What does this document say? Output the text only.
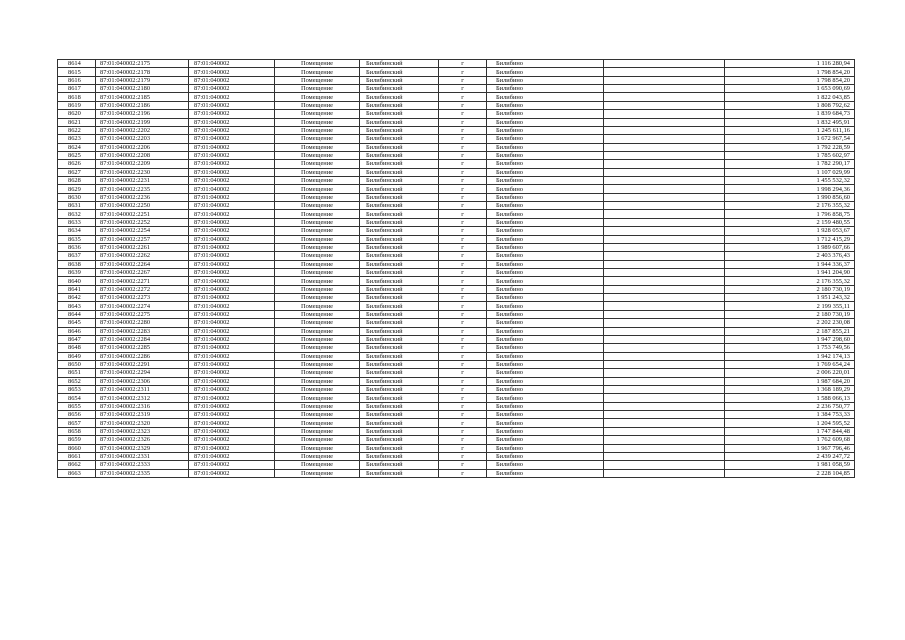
8614	87:01:040002:2175	87:01:040002	Помещение	Билибинский	г	Билибино		1 116 280,94
8615	87:01:040002:2178	87:01:040002	Помещение	Билибинский	г	Билибино		1 798 854,20
8616	87:01:040002:2179	87:01:040002	Помещение	Билибинский	г	Билибино		1 798 854,20
8617	87:01:040002:2180	87:01:040002	Помещение	Билибинский	г	Билибино		1 653 090,69
8618	87:01:040002:2185	87:01:040002	Помещение	Билибинский	г	Билибино		1 822 043,85
8619	87:01:040002:2186	87:01:040002	Помещение	Билибинский	г	Билибино		1 808 792,62
8620	87:01:040002:2196	87:01:040002	Помещение	Билибинский	г	Билибино		1 839 684,73
8621	87:01:040002:2199	87:01:040002	Помещение	Билибинский	г	Билибино		1 832 495,91
8622	87:01:040002:2202	87:01:040002	Помещение	Билибинский	г	Билибино		1 245 611,16
8623	87:01:040002:2203	87:01:040002	Помещение	Билибинский	г	Билибино		1 672 967,54
8624	87:01:040002:2206	87:01:040002	Помещение	Билибинский	г	Билибино		1 792 228,59
8625	87:01:040002:2208	87:01:040002	Помещение	Билибинский	г	Билибино		1 785 602,97
8626	87:01:040002:2209	87:01:040002	Помещение	Билибинский	г	Билибино		1 782 290,17
8627	87:01:040002:2230	87:01:040002	Помещение	Билибинский	г	Билибино		1 107 029,99
8628	87:01:040002:2231	87:01:040002	Помещение	Билибинский	г	Билибино		1 455 532,32
8629	87:01:040002:2235	87:01:040002	Помещение	Билибинский	г	Билибино		1 998 294,36
8630	87:01:040002:2236	87:01:040002	Помещение	Билибинский	г	Билибино		1 990 856,60
8631	87:01:040002:2250	87:01:040002	Помещение	Билибинский	г	Билибино		2 176 355,32
8632	87:01:040002:2251	87:01:040002	Помещение	Билибинский	г	Билибино		1 796 858,75
8633	87:01:040002:2252	87:01:040002	Помещение	Билибинский	г	Билибино		2 159 480,55
8634	87:01:040002:2254	87:01:040002	Помещение	Билибинский	г	Билибино		1 928 053,67
8635	87:01:040002:2257	87:01:040002	Помещение	Билибинский	г	Билибино		1 712 415,29
8636	87:01:040002:2261	87:01:040002	Помещение	Билибинский	г	Билибино		1 989 607,66
8637	87:01:040002:2262	87:01:040002	Помещение	Билибинский	г	Билибино		2 403 376,43
8638	87:01:040002:2264	87:01:040002	Помещение	Билибинский	г	Билибино		1 944 336,37
8639	87:01:040002:2267	87:01:040002	Помещение	Билибинский	г	Билибино		1 941 204,90
8640	87:01:040002:2271	87:01:040002	Помещение	Билибинский	г	Билибино		2 176 355,32
8641	87:01:040002:2272	87:01:040002	Помещение	Билибинский	г	Билибино		2 180 730,19
8642	87:01:040002:2273	87:01:040002	Помещение	Билибинский	г	Билибино		1 951 243,32
8643	87:01:040002:2274	87:01:040002	Помещение	Билибинский	г	Билибино		2 199 355,11
8644	87:01:040002:2275	87:01:040002	Помещение	Билибинский	г	Билибино		2 180 730,19
8645	87:01:040002:2280	87:01:040002	Помещение	Билибинский	г	Билибино		2 202 230,08
8646	87:01:040002:2283	87:01:040002	Помещение	Билибинский	г	Билибино		2 187 855,21
8647	87:01:040002:2284	87:01:040002	Помещение	Билибинский	г	Билибино		1 947 298,60
8648	87:01:040002:2285	87:01:040002	Помещение	Билибинский	г	Билибино		1 753 749,56
8649	87:01:040002:2286	87:01:040002	Помещение	Билибинский	г	Билибино		1 942 174,13
8650	87:01:040002:2291	87:01:040002	Помещение	Билибинский	г	Билибино		1 769 654,24
8651	87:01:040002:2294	87:01:040002	Помещение	Билибинский	г	Билибино		2 006 220,01
8652	87:01:040002:2306	87:01:040002	Помещение	Билибинский	г	Билибино		1 987 684,20
8653	87:01:040002:2311	87:01:040002	Помещение	Билибинский	г	Билибино		1 368 189,29
8654	87:01:040002:2312	87:01:040002	Помещение	Билибинский	г	Билибино		1 588 066,13
8655	87:01:040002:2316	87:01:040002	Помещение	Билибинский	г	Билибино		2 236 750,77
8656	87:01:040002:2319	87:01:040002	Помещение	Билибинский	г	Билибино		1 384 753,33
8657	87:01:040002:2320	87:01:040002	Помещение	Билибинский	г	Билибино		1 204 595,52
8658	87:01:040002:2323	87:01:040002	Помещение	Билибинский	г	Билибино		1 747 844,48
8659	87:01:040002:2326	87:01:040002	Помещение	Билибинский	г	Билибино		1 762 609,68
8660	87:01:040002:2329	87:01:040002	Помещение	Билибинский	г	Билибино		1 967 796,46
8661	87:01:040002:2331	87:01:040002	Помещение	Билибинский	г	Билибино		2 439 247,72
8662	87:01:040002:2333	87:01:040002	Помещение	Билибинский	г	Билибино		1 981 058,59
8663	87:01:040002:2335	87:01:040002	Помещение	Билибинский	г	Билибино		2 228 104,85
